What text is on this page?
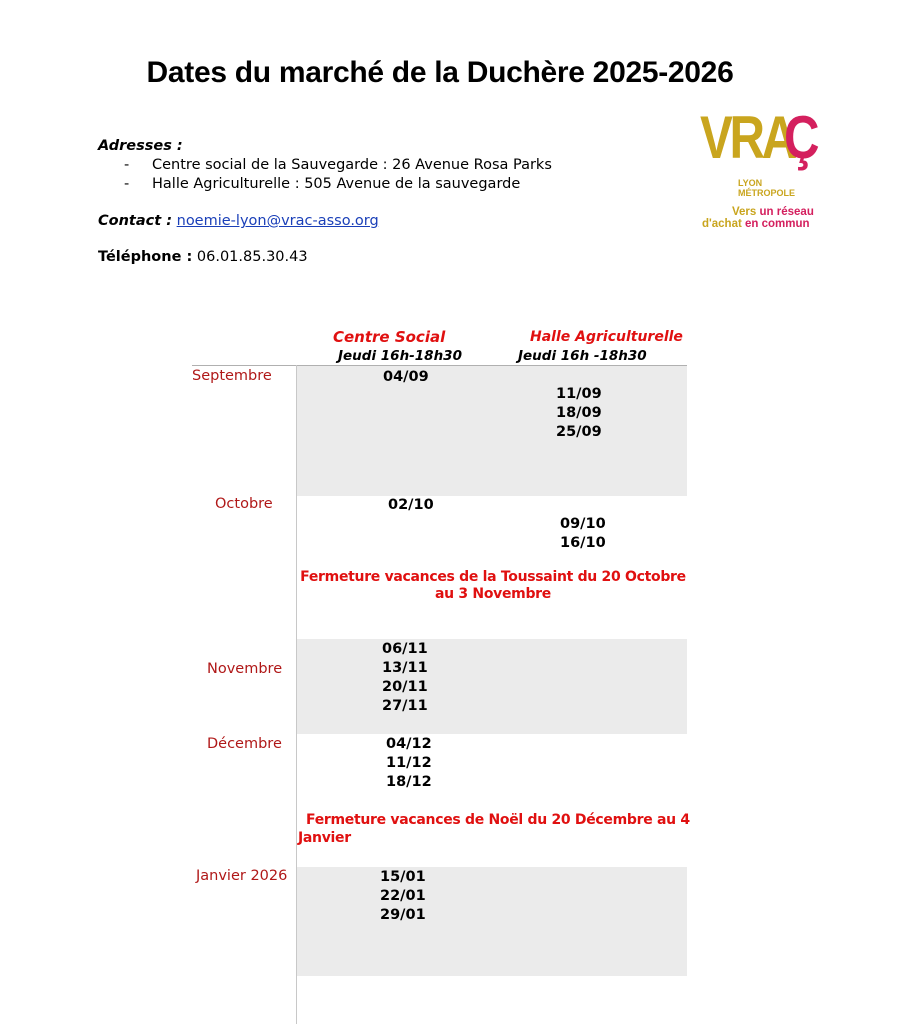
Dates du marché de la Duchère 2025-2026
Adresses :
- Centre social de la Sauvegarde : 26 Avenue Rosa Parks
- Halle Agriculturelle : 505 Avenue de la sauvegarde
Contact : noemie-lyon@vrac-asso.org
Téléphone : 06.01.85.30.43
VRA
Ç
LYON
MÉTROPOLE
Vers un réseau
d'achat en commun
Centre Social
Jeudi 16h-18h30
Halle Agriculturelle
Jeudi 16h -18h30
Septembre
Octobre
Novembre
Décembre
Janvier 2026
04/09
11/09
18/09
25/09
02/10
09/10
16/10
Fermeture vacances de la Toussaint du 20 Octobre
au 3 Novembre
06/11
13/11
20/11
27/11
04/12
11/12
18/12
Fermeture vacances de Noël du 20 Décembre au 4
Janvier
15/01
22/01
29/01
